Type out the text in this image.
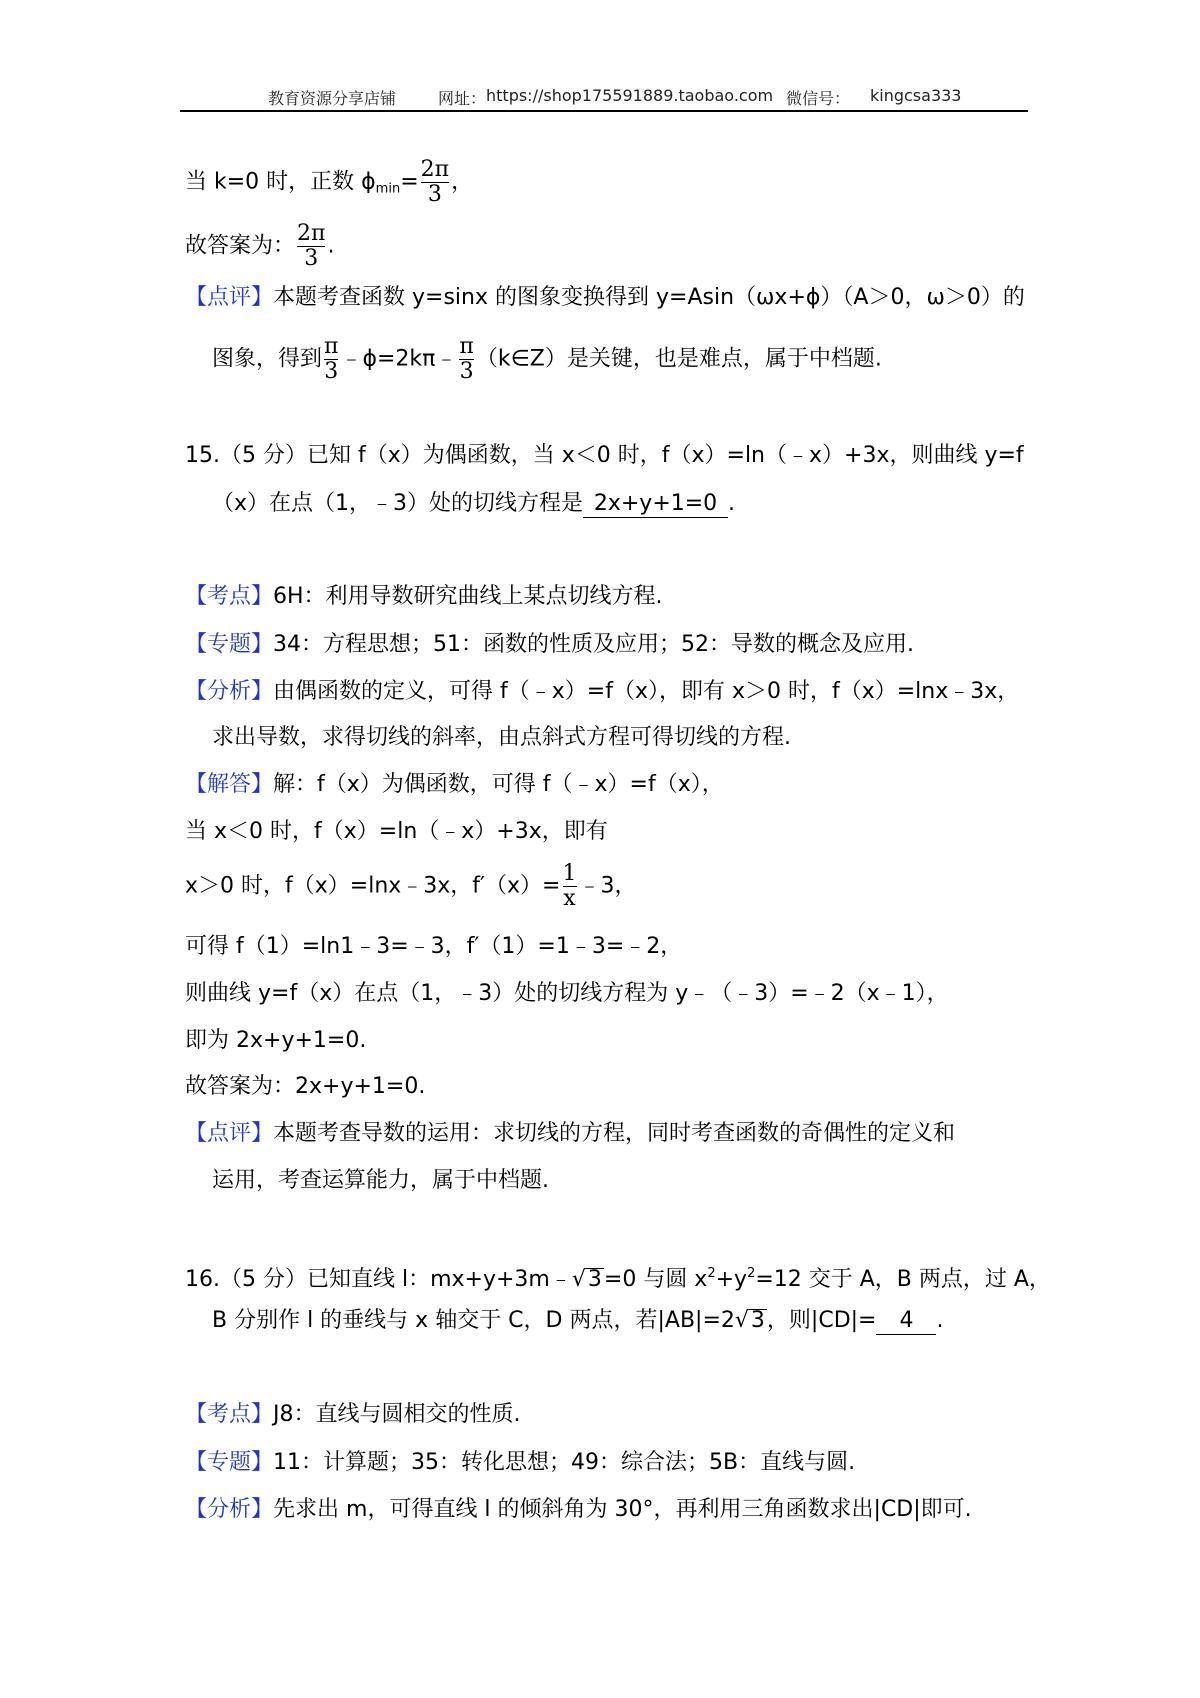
教育资源分享店铺	网址： https://shop175591889.taobao.com 微信号： kingcsa333
当 k=0 时，正数 $\phi_{min}= \frac{2\pi}{3}$ ，
故答案为： $\frac{2\pi}{3}$ .
【点评】本题考查函数 y=sinx 的图象变换得到 y=Asin（ωx+ϕ）（A＞0，ω＞0）的
图象，得到 $\frac{\pi}{3}$ ﹣ϕ=2kπ﹣ $\frac{\pi}{3}$ （k∈Z）是关键，也是难点，属于中档题.
15.（5 分）已知 f（x）为偶函数，当 x＜0 时，f（x）=ln（﹣x）+3x，则曲线 y=f
（x）在点（1，﹣3）处的切线方程是 2x+y+1=0 .
【考点】6H：利用导数研究曲线上某点切线方程.
【专题】34：方程思想；51：函数的性质及应用；52：导数的概念及应用.
【分析】由偶函数的定义，可得 f（﹣x）=f（x），即有 x＞0 时，f（x）=lnx﹣3x，
求出导数，求得切线的斜率，由点斜式方程可得切线的方程.
【解答】解：f（x）为偶函数，可得 f（﹣x）=f（x），
当 x＜0 时，f（x）=ln（﹣x）+3x，即有
x＞0 时，f（x）=lnx﹣3x，$f'(x)= \frac{1}{x}$ ﹣3，
可得 f（1）=ln1﹣3=﹣3，f′（1）=1﹣3=﹣2，
则曲线 y=f（x）在点（1，﹣3）处的切线方程为 y﹣（﹣3）=﹣2（x﹣1），
即为 2x+y+1=0.
故答案为：2x+y+1=0.
【点评】本题考查导数的运用：求切线的方程，同时考查函数的奇偶性的定义和
运用，考查运算能力，属于中档题.
16.（5 分）已知直线 l：mx+y+3m﹣√3=0 与圆 $x^2+y^2=12$ 交于 A，B 两点，过 A，
B 分别作 l 的垂线与 x 轴交于 C，D 两点，若|AB|=2√3，则|CD|= 4 .
【考点】J8：直线与圆相交的性质.
【专题】11：计算题；35：转化思想；49：综合法；5B：直线与圆.
【分析】先求出 m，可得直线 l 的倾斜角为 30°，再利用三角函数求出|CD|即可.
